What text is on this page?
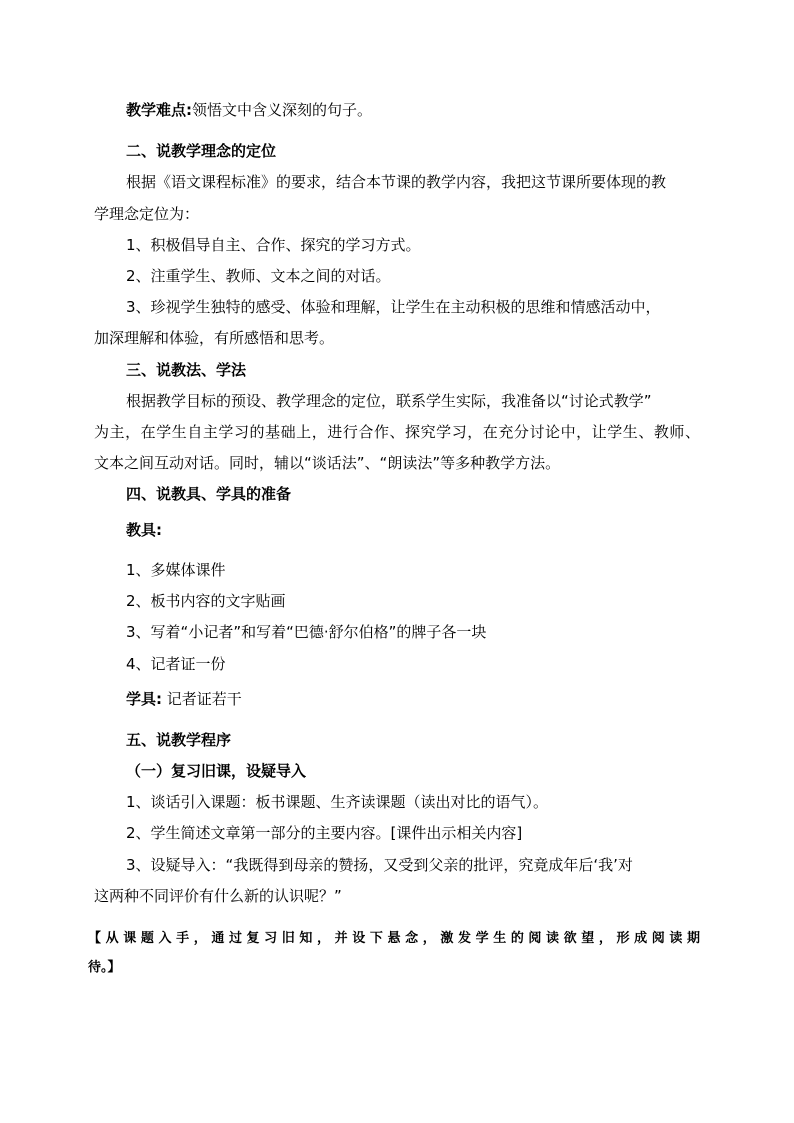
教学难点:领悟文中含义深刻的句子。

二、说教学理念的定位

根据《语文课程标准》的要求，结合本节课的教学内容，我把这节课所要体现的教

学理念定位为：

1、积极倡导自主、合作、探究的学习方式。

2、注重学生、教师、文本之间的对话。

3、珍视学生独特的感受、体验和理解，让学生在主动积极的思维和情感活动中，

加深理解和体验，有所感悟和思考。

三、说教法、学法

根据教学目标的预设、教学理念的定位，联系学生实际，我准备以“讨论式教学”

为主，在学生自主学习的基础上，进行合作、探究学习，在充分讨论中，让学生、教师、

文本之间互动对话。同时，辅以“谈话法”、“朗读法”等多种教学方法。

四、说教具、学具的准备

教具:

1、多媒体课件

2、板书内容的文字贴画

3、写着“小记者”和写着“巴德·舒尔伯格”的牌子各一块

4、记者证一份

学具: 记者证若干

五、说教学程序

（一）复习旧课，设疑导入

1、谈话引入课题：板书课题、生齐读课题（读出对比的语气）。

2、学生简述文章第一部分的主要内容。[课件出示相关内容]

3、设疑导入：“我既得到母亲的赞扬，又受到父亲的批评，究竟成年后‘我’对

这两种不同评价有什么新的认识呢？”

【从课题入手，通过复习旧知，并设下悬念，激发学生的阅读欲望，形成阅读期

待。】
